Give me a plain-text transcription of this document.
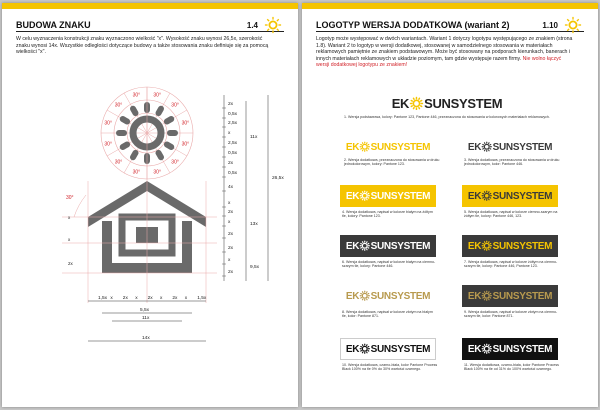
BUDOWA ZNAKU	1.4

W celu wyznaczenia konstrukcji znaku wyznaczono wielkość "x". Wysokość znaku wynosi 26,5x, szerokość znaku wynosi 14x. Wszystkie odległości dotyczące budowy a także stosowania znaku definiuje się za pomocą wielkości "x".

30°
30°
30°
30°
30°
30°
30°
30°
30°
30°
30°
30°
30°
2x
0,5x
2,5x
x
2,5x
0,5x
2x
0,5x
4x
x
2x
x
2x
2x
x
2x
11x
26,5x
13x
9,5x
x
x
2x
1,5x x 2x x 2x x 2x x 1,5x
5,5x
11x
14x
LOGOTYP WERSJA DODATKOWA (wariant 2)	1.10

Logotyp może występować w dwóch wariantach. Wariant 1 dotyczy logotypu występującego ze znakiem (strona 1.8). Wariant 2 to logotyp w wersji dodatkowej, stosowanej w samodzielnego stosowania w materiałach reklamowych pamiętnie ze znakiem podstawowym. Może być stosowany na podporach kierunkach, banerach i innych materiałach reklamowych w układzie poziomym, tam gdzie występuje razem firmy. Nie wolno łączyć wersji dodatkowej logotypu ze znakiem!

EK SUNSYSTEM
1. Wersja podstawowa, kolory: Pantone 123, Pantone 446, przeznaczona do stosowania w kolorowych materiałach reklamowych.
EK SUNSYSTEM
2. Wersja dodatkowa, przeznaczona do stosowania w druku jednokolorowym, kolory: Pantone 123.
EK SUNSYSTEM
3. Wersja dodatkowa, przeznaczona do stosowania w druku jednokolorowym, kolor: Pantone 446.
EK SUNSYSTEM
4. Wersja dodatkowa, napisał w kolorze białym na żółtym tle, kolory: Pantone 123.
EK SUNSYSTEM
5. Wersja dodatkowa, napisał w kolorze ciemno-szarym na żółtym tle, kolory: Pantone 446, 123.
EK SUNSYSTEM
6. Wersja dodatkowa, napisał w kolorze białym na ciemno-szarym tle, kolory: Pantone 446.
EK SUNSYSTEM
7. Wersja dodatkowa, napisał w kolorze żółtym na ciemno-szarym tle, kolory: Pantone 446, Pantone 123.
EK SUNSYSTEM
8. Wersja dodatkowa, napisał w kolorze złotym na białym tle, kolor: Pantone 871.
EK SUNSYSTEM
9. Wersja dodatkowa, napisał w kolorze złotym na ciemno-szarym tle, kolor: Pantone 871.
EK SUNSYSTEM
10. Wersja dodatkowa, czarno-biała, kolor Pantone Process Black 100% na tle 0% do 30% wartości czarnego.
EK SUNSYSTEM
11. Wersja dodatkowa, czarno-biała, kolor Pantone Process Black 100% na tle od 31% do 100% wartości czarnego.
